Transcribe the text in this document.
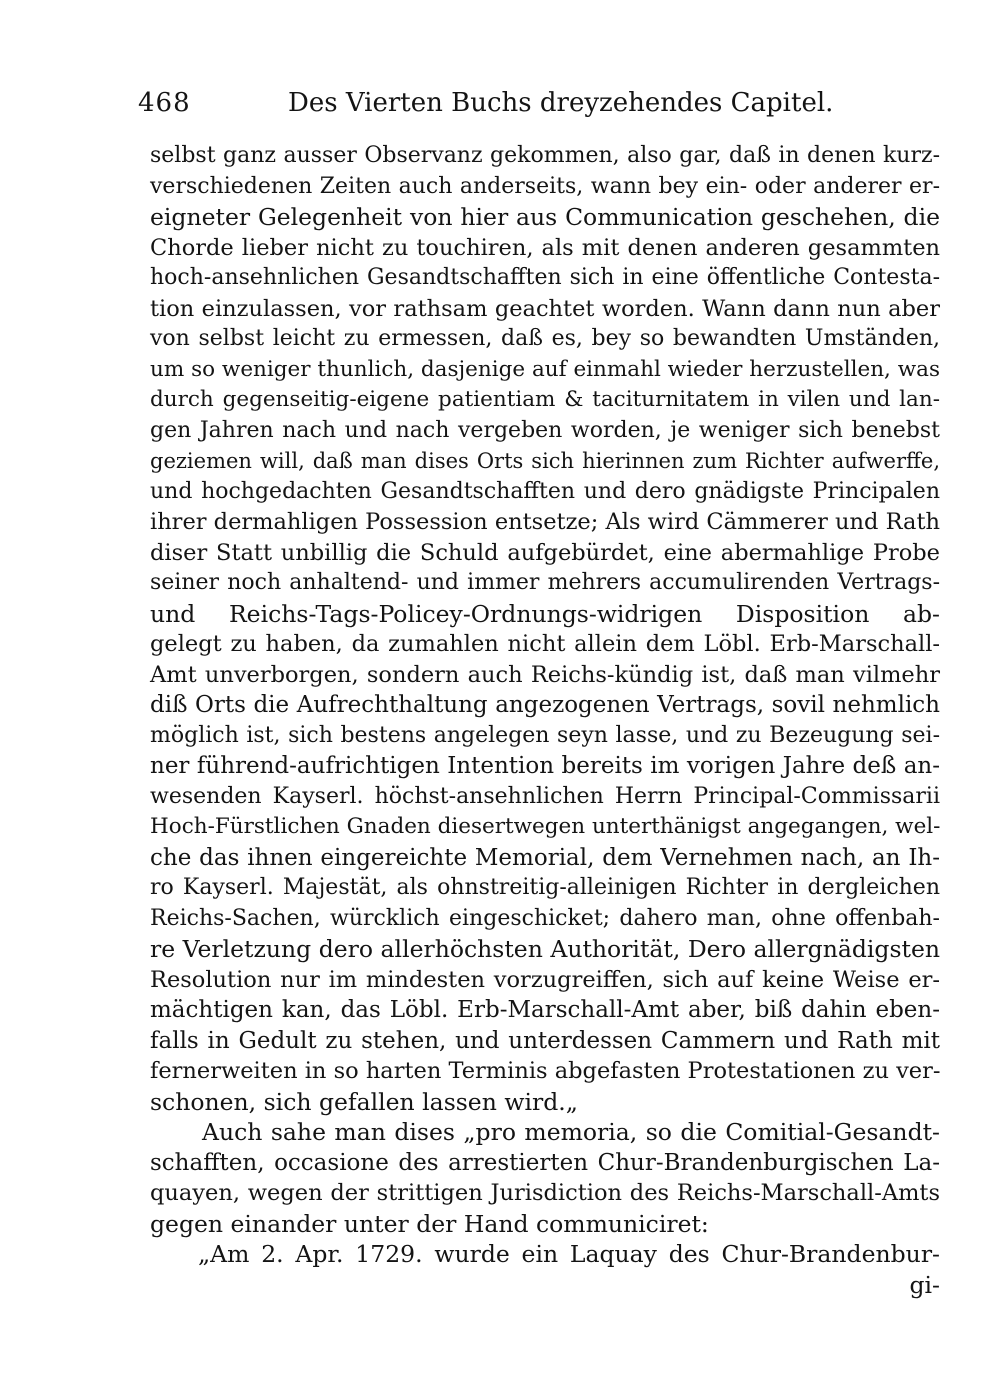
468	Des Vierten Buchs dreyzehendes Capitel.
selbst ganz ausser Observanz gekommen, also gar, daß in denen kurz-
verschiedenen Zeiten auch anderseits, wann bey ein- oder anderer er-
eigneter Gelegenheit von hier aus Communication geschehen, die
Chorde lieber nicht zu touchiren, als mit denen anderen gesammten
hoch-ansehnlichen Gesandtschafften sich in eine öffentliche Contesta-
tion einzulassen, vor rathsam geachtet worden. Wann dann nun aber
von selbst leicht zu ermessen, daß es, bey so bewandten Umständen,
um so weniger thunlich, dasjenige auf einmahl wieder herzustellen, was
durch gegenseitig-eigene patientiam & taciturnitatem in vilen und lan-
gen Jahren nach und nach vergeben worden, je weniger sich benebst
geziemen will, daß man dises Orts sich hierinnen zum Richter aufwerffe,
und hochgedachten Gesandtschafften und dero gnädigste Principalen
ihrer dermahligen Possession entsetze; Als wird Cämmerer und Rath
diser Statt unbillig die Schuld aufgebürdet, eine abermahlige Probe
seiner noch anhaltend- und immer mehrers accumulirenden Vertrags-
und Reichs-Tags-Policey-Ordnungs-widrigen Disposition ab-
gelegt zu haben, da zumahlen nicht allein dem Löbl. Erb-Marschall-
Amt unverborgen, sondern auch Reichs-kündig ist, daß man vilmehr
diß Orts die Aufrechthaltung angezogenen Vertrags, sovil nehmlich
möglich ist, sich bestens angelegen seyn lasse, und zu Bezeugung sei-
ner führend-aufrichtigen Intention bereits im vorigen Jahre deß an-
wesenden Kayserl. höchst-ansehnlichen Herrn Principal-Commissarii
Hoch-Fürstlichen Gnaden diesertwegen unterthänigst angegangen, wel-
che das ihnen eingereichte Memorial, dem Vernehmen nach, an Ih-
ro Kayserl. Majestät, als ohnstreitig-alleinigen Richter in dergleichen
Reichs-Sachen, würcklich eingeschicket; dahero man, ohne offenbah-
re Verletzung dero allerhöchsten Authorität, Dero allergnädigsten
Resolution nur im mindesten vorzugreiffen, sich auf keine Weise er-
mächtigen kan, das Löbl. Erb-Marschall-Amt aber, biß dahin eben-
falls in Gedult zu stehen, und unterdessen Cammern und Rath mit
fernerweiten in so harten Terminis abgefasten Protestationen zu ver-
schonen, sich gefallen lassen wird.„
Auch sahe man dises „pro memoria, so die Comitial-Gesandt-
schafften, occasione des arrestierten Chur-Brandenburgischen La-
quayen, wegen der strittigen Jurisdiction des Reichs-Marschall-Amts
gegen einander unter der Hand communiciret:
„Am 2. Apr. 1729. wurde ein Laquay des Chur-Brandenbur-
gi-
